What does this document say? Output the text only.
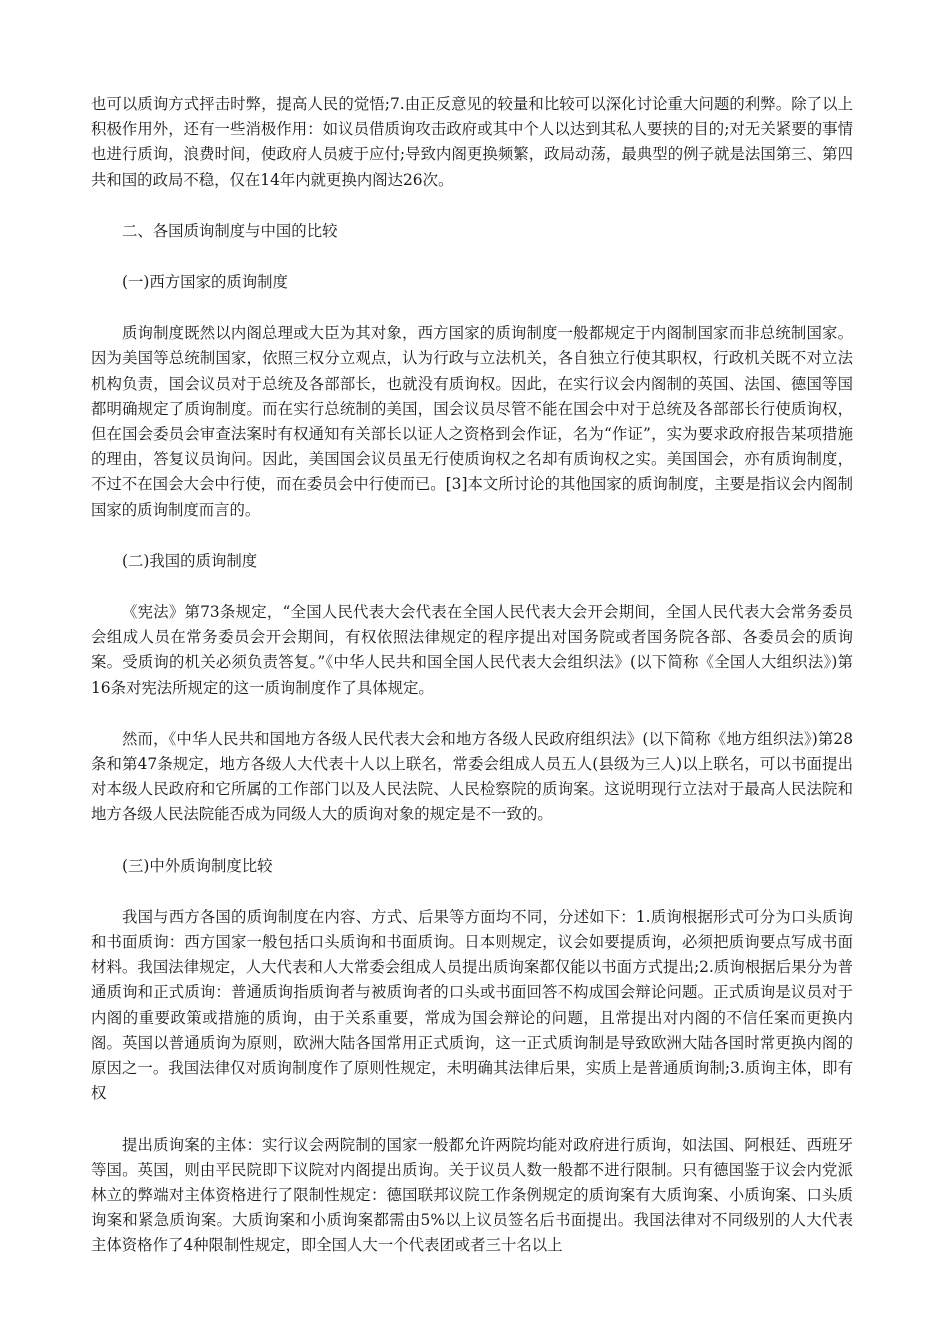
也可以质询方式抨击时弊，提高人民的觉悟;7.由正反意见的较量和比较可以深化讨论重大问题的利弊。除了以上积极作用外，还有一些消极作用：如议员借质询攻击政府或其中个人以达到其私人要挟的目的;对无关紧要的事情也进行质询，浪费时间，使政府人员疲于应付;导致内阁更换频繁，政局动荡，最典型的例子就是法国第三、第四共和国的政局不稳，仅在14年内就更换内阁达26次。

二、各国质询制度与中国的比较

(一)西方国家的质询制度

质询制度既然以内阁总理或大臣为其对象，西方国家的质询制度一般都规定于内阁制国家而非总统制国家。因为美国等总统制国家，依照三权分立观点，认为行政与立法机关，各自独立行使其职权，行政机关既不对立法机构负责，国会议员对于总统及各部部长，也就没有质询权。因此，在实行议会内阁制的英国、法国、德国等国都明确规定了质询制度。而在实行总统制的美国，国会议员尽管不能在国会中对于总统及各部部长行使质询权，但在国会委员会审查法案时有权通知有关部长以证人之资格到会作证，名为“作证”，实为要求政府报告某项措施的理由，答复议员询问。因此，美国国会议员虽无行使质询权之名却有质询权之实。美国国会，亦有质询制度，不过不在国会大会中行使，而在委员会中行使而已。[3]本文所讨论的其他国家的质询制度，主要是指议会内阁制国家的质询制度而言的。

(二)我国的质询制度

《宪法》第73条规定，“全国人民代表大会代表在全国人民代表大会开会期间，全国人民代表大会常务委员会组成人员在常务委员会开会期间，有权依照法律规定的程序提出对国务院或者国务院各部、各委员会的质询案。受质询的机关必须负责答复。”《中华人民共和国全国人民代表大会组织法》(以下简称《全国人大组织法》)第16条对宪法所规定的这一质询制度作了具体规定。

然而，《中华人民共和国地方各级人民代表大会和地方各级人民政府组织法》(以下简称《地方组织法》)第28条和第47条规定，地方各级人大代表十人以上联名，常委会组成人员五人(县级为三人)以上联名，可以书面提出对本级人民政府和它所属的工作部门以及人民法院、人民检察院的质询案。这说明现行立法对于最高人民法院和地方各级人民法院能否成为同级人大的质询对象的规定是不一致的。

(三)中外质询制度比较

我国与西方各国的质询制度在内容、方式、后果等方面均不同，分述如下：1.质询根据形式可分为口头质询和书面质询：西方国家一般包括口头质询和书面质询。日本则规定，议会如要提质询，必须把质询要点写成书面材料。我国法律规定，人大代表和人大常委会组成人员提出质询案都仅能以书面方式提出;2.质询根据后果分为普通质询和正式质询：普通质询指质询者与被质询者的口头或书面回答不构成国会辩论问题。正式质询是议员对于内阁的重要政策或措施的质询，由于关系重要，常成为国会辩论的问题，且常提出对内阁的不信任案而更换内阁。英国以普通质询为原则，欧洲大陆各国常用正式质询，这一正式质询制是导致欧洲大陆各国时常更换内阁的原因之一。我国法律仅对质询制度作了原则性规定，未明确其法律后果，实质上是普通质询制;3.质询主体，即有权

提出质询案的主体：实行议会两院制的国家一般都允许两院均能对政府进行质询，如法国、阿根廷、西班牙等国。英国，则由平民院即下议院对内阁提出质询。关于议员人数一般都不进行限制。只有德国鉴于议会内党派林立的弊端对主体资格进行了限制性规定：德国联邦议院工作条例规定的质询案有大质询案、小质询案、口头质询案和紧急质询案。大质询案和小质询案都需由5%以上议员签名后书面提出。我国法律对不同级别的人大代表主体资格作了4种限制性规定，即全国人大一个代表团或者三十名以上
